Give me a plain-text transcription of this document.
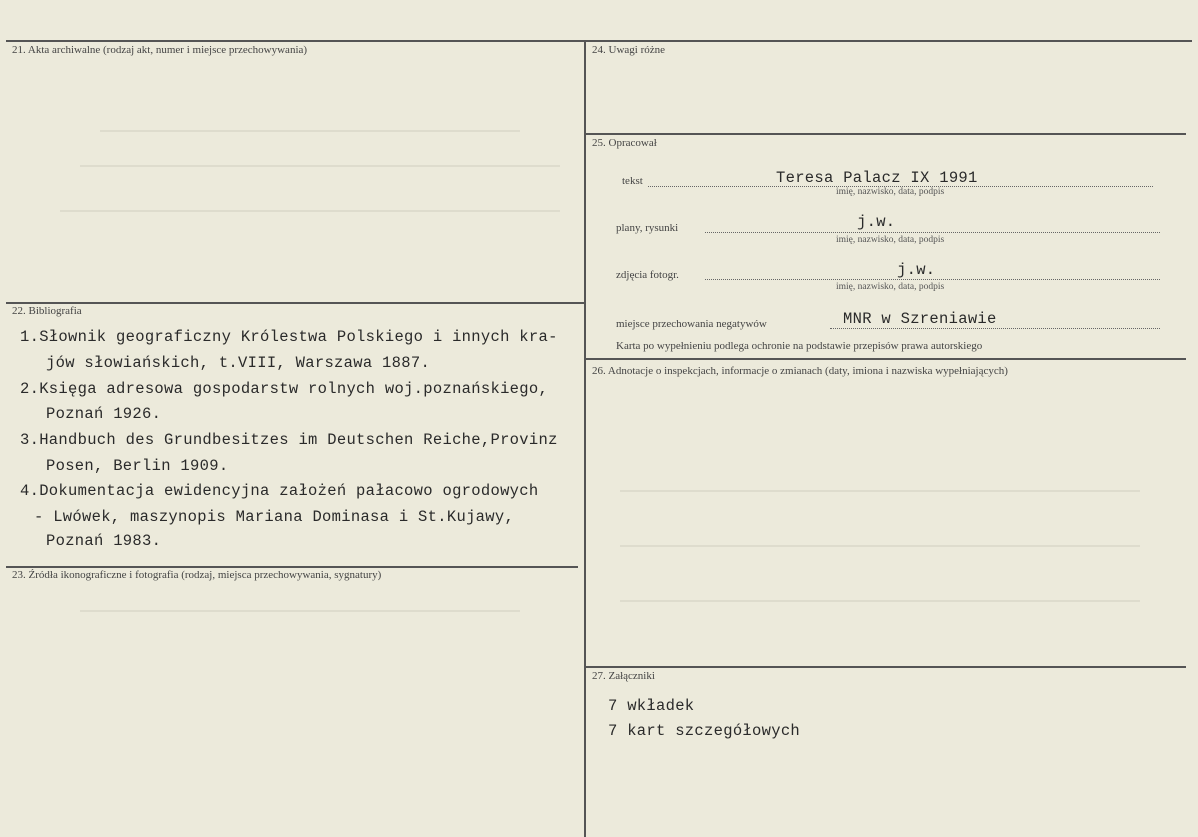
21. Akta archiwalne (rodzaj akt, numer i miejsce przechowywania)
22. Bibliografia
1.Słownik geograficzny Królestwa Polskiego i innych kra-
jów słowiańskich, t.VIII, Warszawa 1887.
2.Księga adresowa gospodarstw rolnych woj.poznańskiego,
Poznań 1926.
3.Handbuch des Grundbesitzes im Deutschen Reiche,Provinz
Posen, Berlin 1909.
4.Dokumentacja ewidencyjna założeń pałacowo ogrodowych
- Lwówek, maszynopis Mariana Dominasa i St.Kujawy,
Poznań 1983.
23. Źródła ikonograficzne i fotografia (rodzaj, miejsca przechowywania, sygnatury)
24. Uwagi różne
25. Opracował
tekst	Teresa Palacz IX 1991
imię, nazwisko, data, podpis
plany, rysunki	j.w.
imię, nazwisko, data, podpis
zdjęcia fotogr.	j.w.
imię, nazwisko, data, podpis
miejsce przechowania negatywów	MNR w Szreniawie
Karta po wypełnieniu podlega ochronie na podstawie przepisów prawa autorskiego
26. Adnotacje o inspekcjach, informacje o zmianach (daty, imiona i nazwiska wypełniających)
27. Załączniki
7 wkładek
7 kart szczegółowych
